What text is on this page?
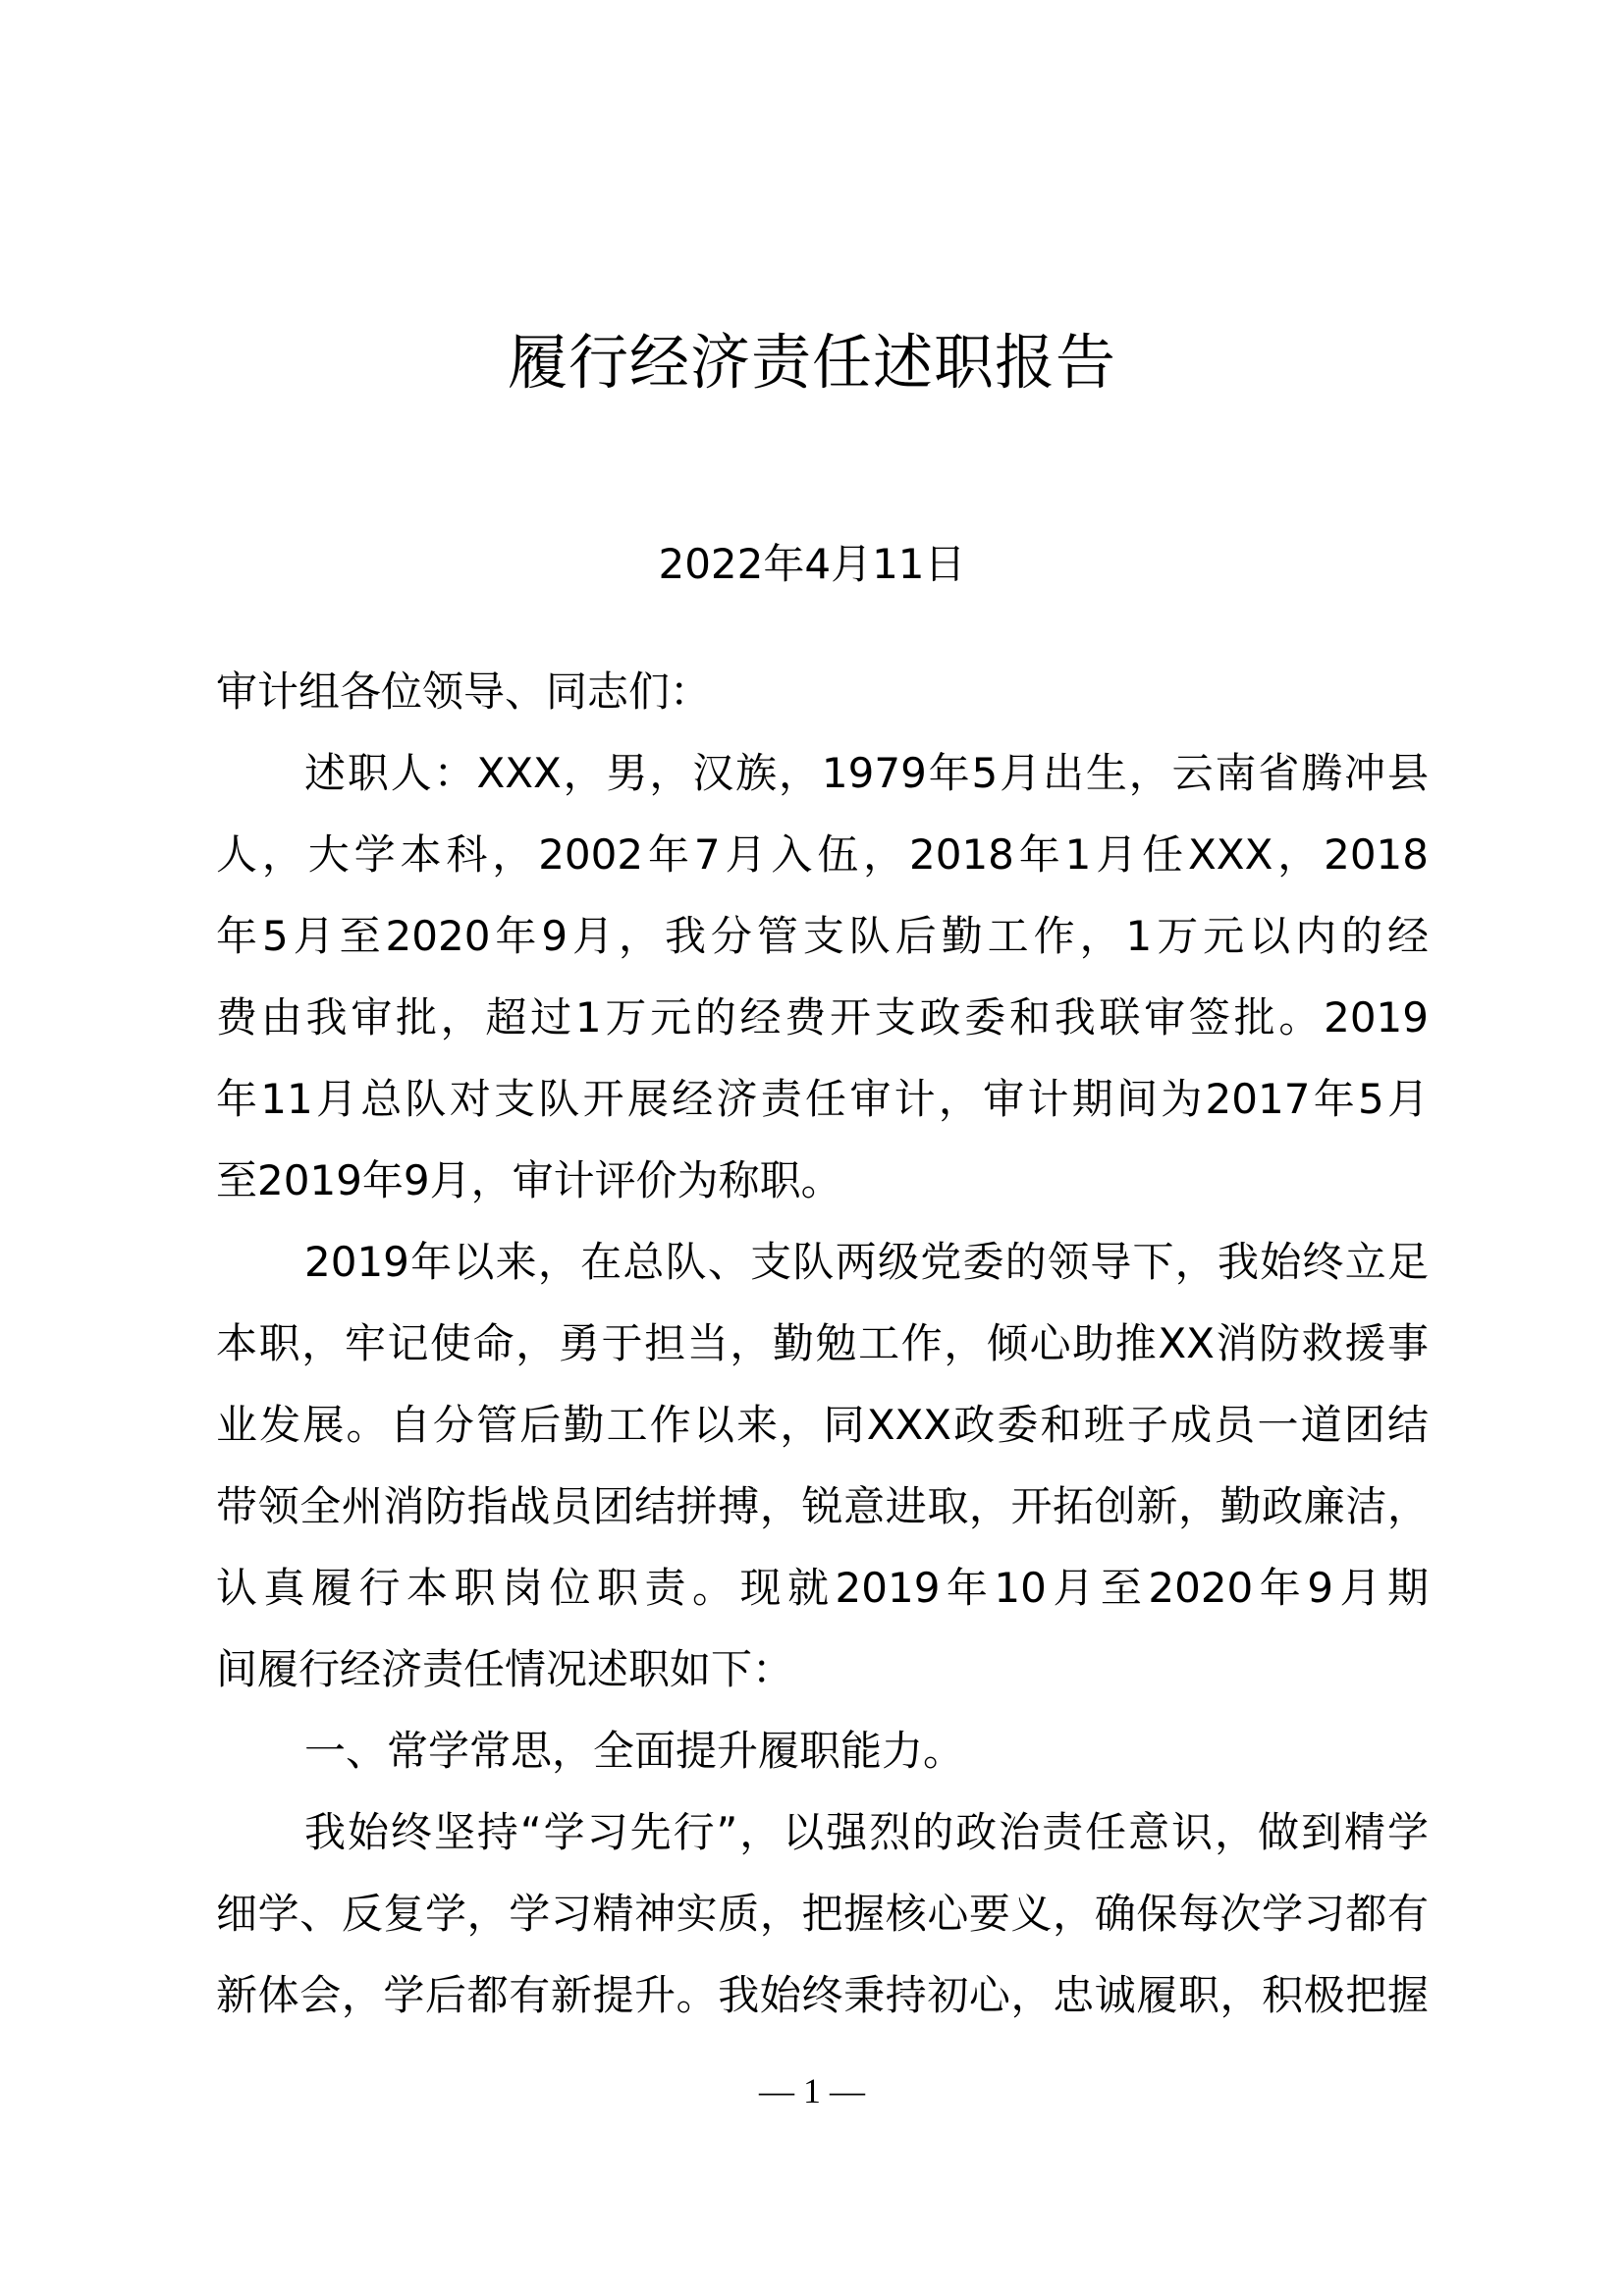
履行经济责任述职报告
2022年4月11日
审计组各位领导、同志们：
述职人：XXX，男，汉族，1979年5月出生，云南省腾冲县
人，大学本科，2002年7月入伍，2018年1月任XXX，2018
年5月至2020年9月，我分管支队后勤工作，1万元以内的经
费由我审批，超过1万元的经费开支政委和我联审签批。2019
年11月总队对支队开展经济责任审计，审计期间为2017年5月
至2019年9月，审计评价为称职。
2019年以来，在总队、支队两级党委的领导下，我始终立足
本职，牢记使命，勇于担当，勤勉工作，倾心助推XX消防救援事
业发展。自分管后勤工作以来，同XXX政委和班子成员一道团结
带领全州消防指战员团结拼搏，锐意进取，开拓创新，勤政廉洁，
认真履行本职岗位职责。现就2019年10月至2020年9月期
间履行经济责任情况述职如下：
一、常学常思，全面提升履职能力。
我始终坚持“学习先行”，以强烈的政治责任意识，做到精学
细学、反复学，学习精神实质，把握核心要义，确保每次学习都有
新体会，学后都有新提升。我始终秉持初心，忠诚履职，积极把握
— 1 —
